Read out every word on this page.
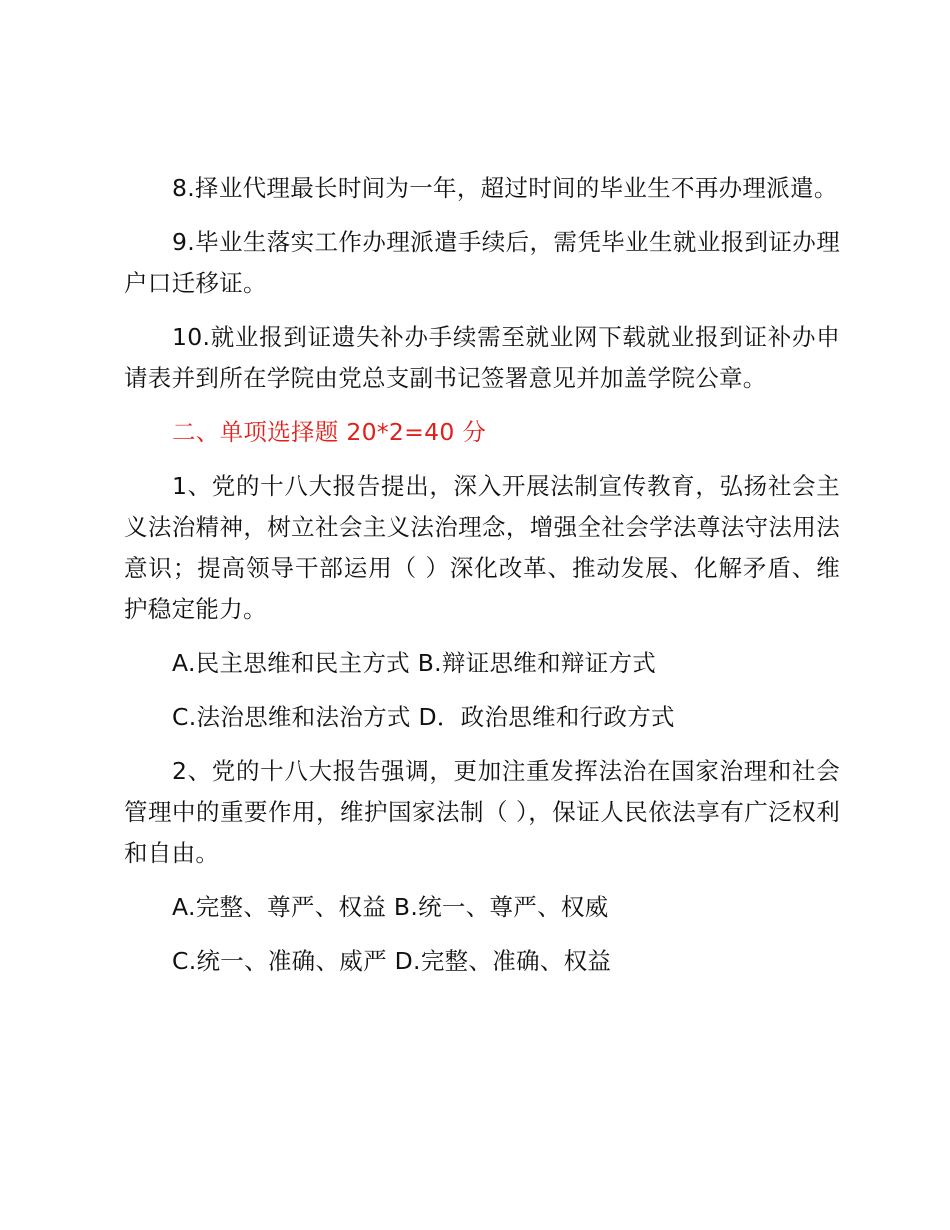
8.择业代理最长时间为一年，超过时间的毕业生不再办理派遣。

9.毕业生落实工作办理派遣手续后，需凭毕业生就业报到证办理户口迁移证。

10.就业报到证遗失补办手续需至就业网下载就业报到证补办申请表并到所在学院由党总支副书记签署意见并加盖学院公章。

二、单项选择题 20*2=40 分

1、党的十八大报告提出，深入开展法制宣传教育，弘扬社会主义法治精神，树立社会主义法治理念，增强全社会学法尊法守法用法意识；提高领导干部运用（ ）深化改革、推动发展、化解矛盾、维护稳定能力。

A.民主思维和民主方式 B.辩证思维和辩证方式

C.法治思维和法治方式 D．政治思维和行政方式

2、党的十八大报告强调，更加注重发挥法治在国家治理和社会管理中的重要作用，维护国家法制（ ），保证人民依法享有广泛权利和自由。

A.完整、尊严、权益 B.统一、尊严、权威

C.统一、准确、威严 D.完整、准确、权益
